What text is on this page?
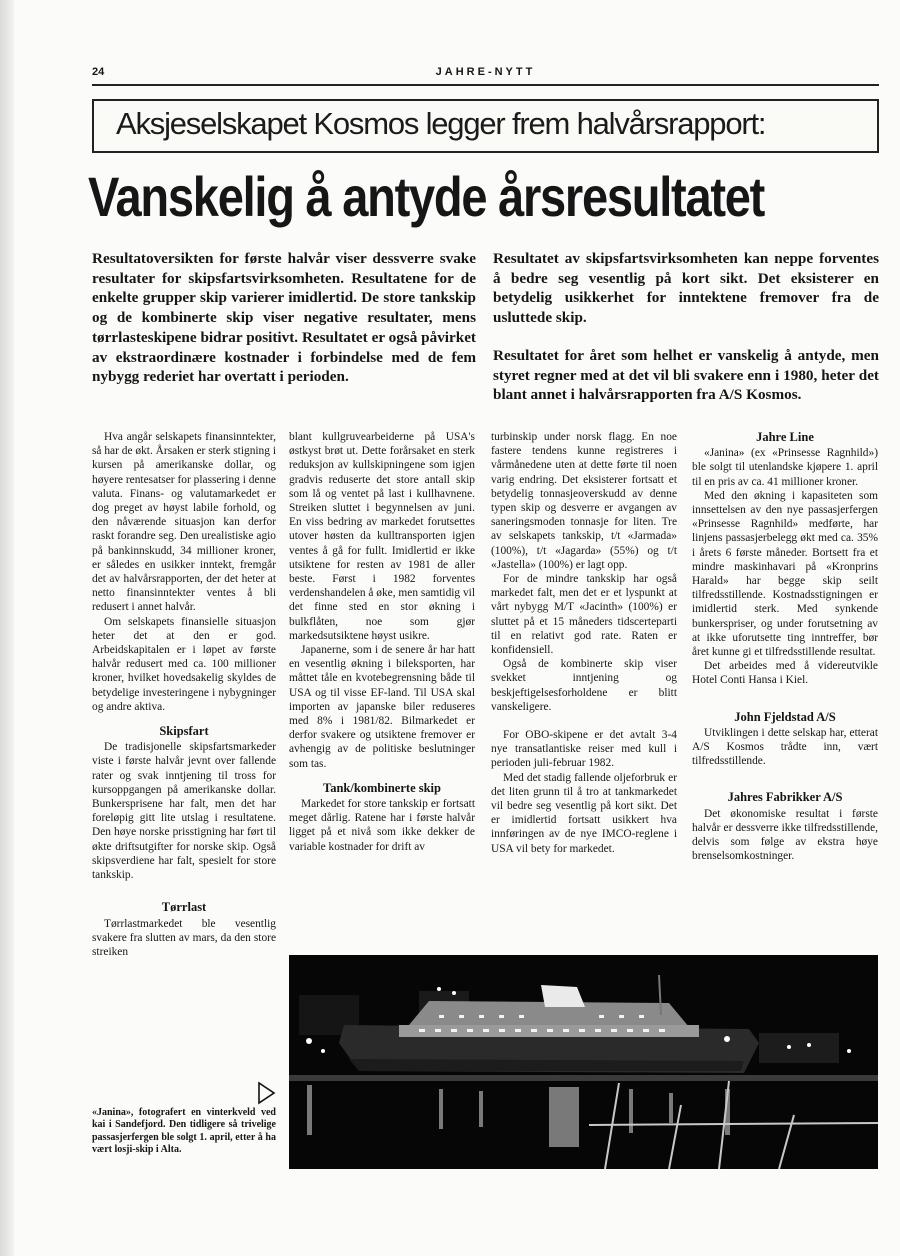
24	JAHRE-NYTT
Aksjeselskapet Kosmos legger frem halvårsrapport:
Vanskelig å antyde årsresultatet

Resultatoversikten for første halvår viser dessverre svake resultater for skipsfartsvirksomheten. Resultatene for de enkelte grupper skip varierer imidlertid. De store tankskip og de kombinerte skip viser negative resultater, mens tørrlasteskipene bidrar positivt. Resultatet er også påvirket av ekstraordinære kostnader i forbindelse med de fem nybygg rederiet har overtatt i perioden.

Resultatet av skipsfartsvirksomheten kan neppe forventes å bedre seg vesentlig på kort sikt. Det eksisterer en betydelig usikkerhet for inntektene fremover fra de usluttede skip.

Resultatet for året som helhet er vanskelig å antyde, men styret regner med at det vil bli svakere enn i 1980, heter det blant annet i halvårsrapporten fra A/S Kosmos.

Hva angår selskapets finansinntekter, så har de økt. Årsaken er sterk stigning i kursen på amerikanske dollar, og høyere rentesatser for plassering i denne valuta. Finans- og valutamarkedet er dog preget av høyst labile forhold, og den nåværende situasjon kan derfor raskt forandre seg. Den urealistiske agio på bankinnskudd, 34 millioner kroner, er således en usikker inntekt, fremgår det av halvårsrapporten, der det heter at netto finansinntekter ventes å bli redusert i annet halvår.

Om selskapets finansielle situasjon heter det at den er god. Arbeidskapitalen er i løpet av første halvår redusert med ca. 100 millioner kroner, hvilket hovedsakelig skyldes de betydelige investeringene i nybygninger og andre aktiva.

Skipsfart

De tradisjonelle skipsfartsmarkeder viste i første halvår jevnt over fallende rater og svak inntjening til tross for kursoppgangen på amerikanske dollar. Bunkersprisene har falt, men det har foreløpig gitt lite utslag i resultatene. Den høye norske prisstigning har ført til økte driftsutgifter for norske skip. Også skipsverdiene har falt, spesielt for store tankskip.

Tørrlast

Tørrlastmarkedet ble vesentlig svakere fra slutten av mars, da den store streiken

blant kullgruvearbeiderne på USA's østkyst brøt ut. Dette forårsaket en sterk reduksjon av kullskipningene som igjen gradvis reduserte det store antall skip som lå og ventet på last i kullhavnene. Streiken sluttet i begynnelsen av juni. En viss bedring av markedet forutsettes utover høsten da kulltransporten igjen ventes å gå for fullt. Imidlertid er ikke utsiktene for resten av 1981 de aller beste. Først i 1982 forventes verdenshandelen å øke, men samtidig vil det finne sted en stor økning i bulkflåten, noe som gjør markedsutsiktene høyst usikre.

Japanerne, som i de senere år har hatt en vesentlig økning i bileksporten, har måttet tåle en kvotebegrensning både til USA og til visse EF-land. Til USA skal importen av japanske biler reduseres med 8% i 1981/82. Bilmarkedet er derfor svakere og utsiktene fremover er avhengig av de politiske beslutninger som tas.

Tank/kombinerte skip

Markedet for store tankskip er fortsatt meget dårlig. Ratene har i første halvår ligget på et nivå som ikke dekker de variable kostnader for drift av

turbinskip under norsk flagg. En noe fastere tendens kunne registreres i vårmånedene uten at dette førte til noen varig endring. Det eksisterer fortsatt et betydelig tonnasjeoverskudd av denne typen skip og desverre er avgangen av saneringsmoden tonnasje for liten. Tre av selskapets tankskip, t/t «Jarmada» (100%), t/t «Jagarda» (55%) og t/t «Jastella» (100%) er lagt opp.

For de mindre tankskip har også markedet falt, men det er et lyspunkt at vårt nybygg M/T «Jacinth» (100%) er sluttet på et 15 måneders tidscerteparti til en relativt god rate. Raten er konfidensiell.

Også de kombinerte skip viser svekket inntjening og beskjeftigelsesforholdene er blitt vanskeligere.

For OBO-skipene er det avtalt 3-4 nye transatlantiske reiser med kull i perioden juli-februar 1982.

Med det stadig fallende oljeforbruk er det liten grunn til å tro at tankmarkedet vil bedre seg vesentlig på kort sikt. Det er imidlertid fortsatt usikkert hva innføringen av de nye IMCO-reglene i USA vil bety for markedet.

Jahre Line

«Janina» (ex «Prinsesse Ragnhild») ble solgt til utenlandske kjøpere 1. april til en pris av ca. 41 millioner kroner.

Med den økning i kapasiteten som innsettelsen av den nye passasjerfergen «Prinsesse Ragnhild» medførte, har linjens passasjerbelegg økt med ca. 35% i årets 6 første måneder. Bortsett fra et mindre maskinhavari på «Kronprins Harald» har begge skip seilt tilfredsstillende. Kostnadsstigningen er imidlertid sterk. Med synkende bunkerspriser, og under forutsetning av at ikke uforutsette ting inntreffer, bør året kunne gi et tilfredsstillende resultat.

Det arbeides med å videreutvikle Hotel Conti Hansa i Kiel.

John Fjeldstad A/S

Utviklingen i dette selskap har, etterat A/S Kosmos trådte inn, vært tilfredsstillende.

Jahres Fabrikker A/S

Det økonomiske resultat i første halvår er dessverre ikke tilfredsstillende, delvis som følge av ekstra høye brenselsomkostninger.

«Janina», fotografert en vinterkveld ved kai i Sandefjord. Den tidligere så trivelige passasjerfergen ble solgt 1. april, etter å ha vært losji-skip i Alta.
